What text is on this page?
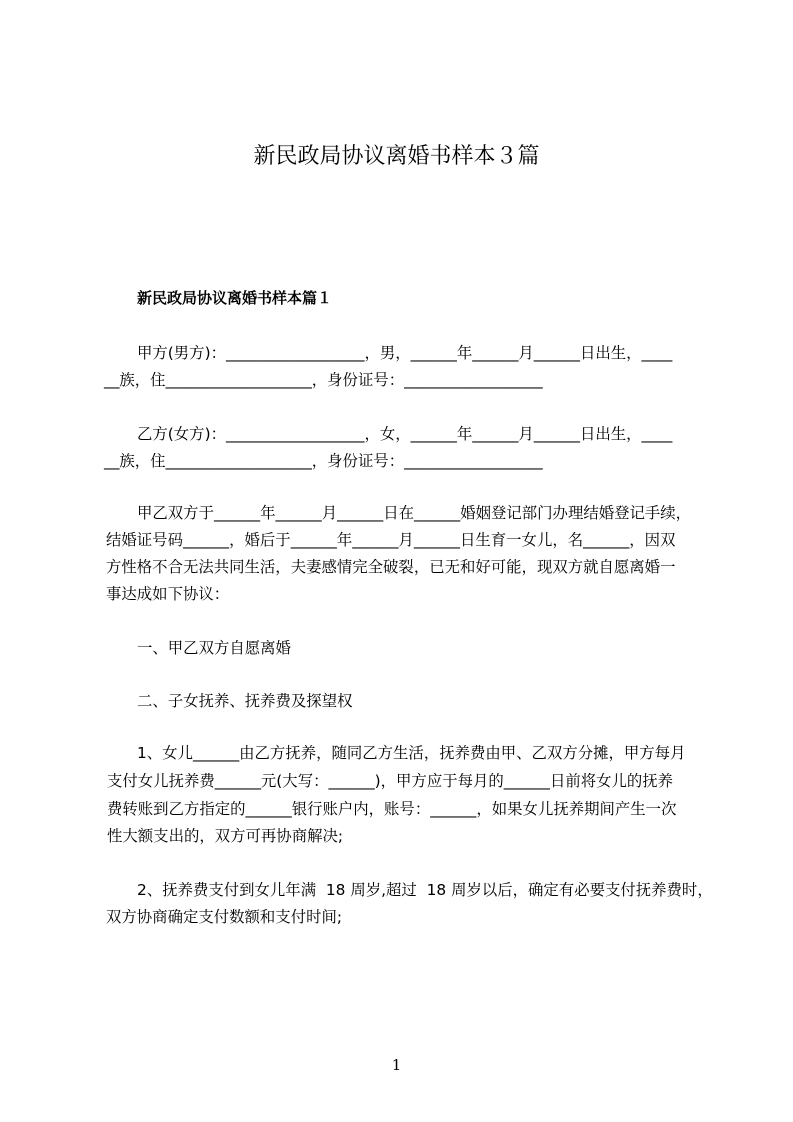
新民政局协议离婚书样本３篇
新民政局协议离婚书样本篇１
甲方(男方)：__________________，男，______年______月______日出生，____
__族，住___________________，身份证号：__________________
乙方(女方)：__________________，女，______年______月______日出生，____
__族，住___________________，身份证号：__________________
甲乙双方于______年______月______日在______婚姻登记部门办理结婚登记手续，
结婚证号码______，婚后于______年______月______日生育一女儿，名______，因双
方性格不合无法共同生活，夫妻感情完全破裂，已无和好可能，现双方就自愿离婚一
事达成如下协议：
一、甲乙双方自愿离婚
二、子女抚养、抚养费及探望权
1、女儿______由乙方抚养，随同乙方生活，抚养费由甲、乙双方分摊，甲方每月
支付女儿抚养费______元(大写：______)，甲方应于每月的______日前将女儿的抚养
费转账到乙方指定的______银行账户内，账号：______，如果女儿抚养期间产生一次
性大额支出的，双方可再协商解决;
2、抚养费支付到女儿年满  18 周岁,超过  18 周岁以后，确定有必要支付抚养费时，
双方协商确定支付数额和支付时间;
1
